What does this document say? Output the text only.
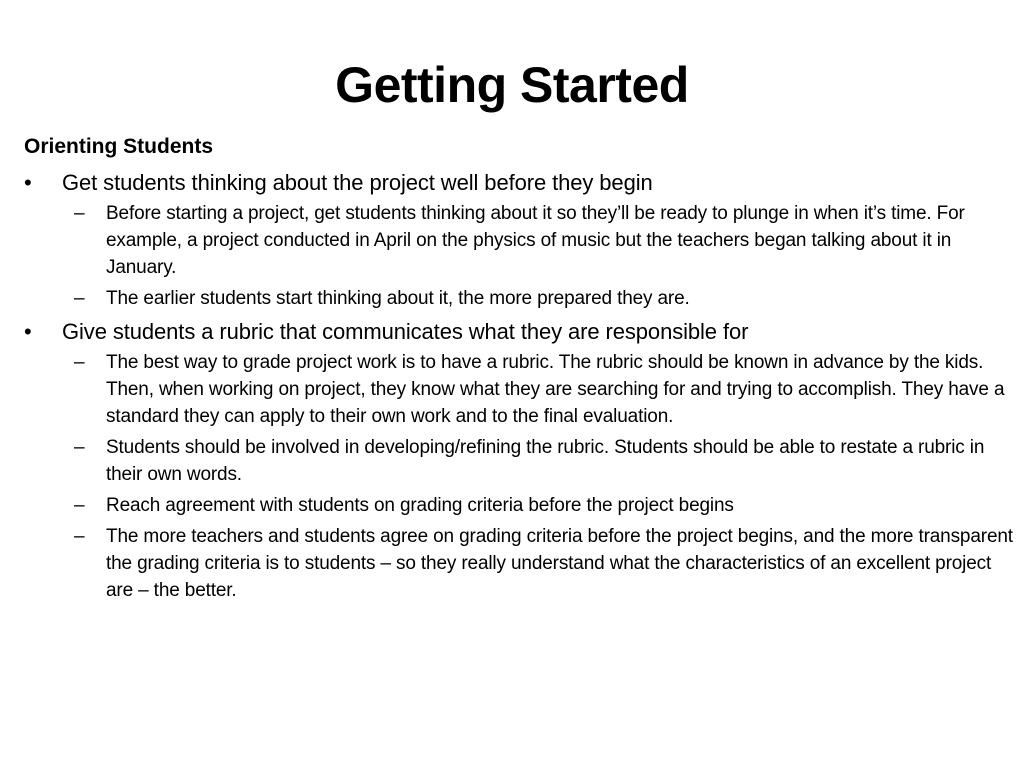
Getting Started
Orienting Students
• Get students thinking about the project well before they begin
– Before starting a project, get students thinking about it so they’ll be ready to plunge in when it’s time. For example, a project conducted in April on the physics of music but the teachers began talking about it in January.
– The earlier students start thinking about it, the more prepared they are.
• Give students a rubric that communicates what they are responsible for
– The best way to grade project work is to have a rubric. The rubric should be known in advance by the kids. Then, when working on project, they know what they are searching for and trying to accomplish. They have a standard they can apply to their own work and to the final evaluation.
– Students should be involved in developing/refining the rubric. Students should be able to restate a rubric in their own words.
– Reach agreement with students on grading criteria before the project begins
– The more teachers and students agree on grading criteria before the project begins, and the more transparent the grading criteria is to students – so they really understand what the characteristics of an excellent project are – the better.
